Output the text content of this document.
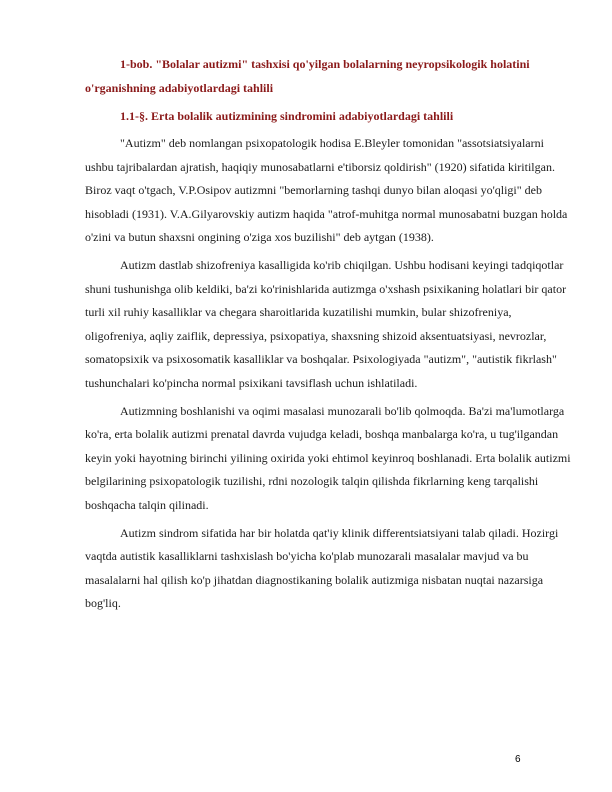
1-bob. "Bolalar autizmi" tashxisi qo'yilgan bolalarning neyropsikologik holatini o'rganishning adabiyotlardagi tahlili

1.1-§. Erta bolalik autizmining sindromini adabiyotlardagi tahlili

"Autizm" deb nomlangan psixopatologik hodisa E.Bleyler tomonidan "assotsiatsiyalarni ushbu tajribalardan ajratish, haqiqiy munosabatlarni e'tiborsiz qoldirish" (1920) sifatida kiritilgan. Biroz vaqt o'tgach, V.P.Osipov autizmni "bemorlarning tashqi dunyo bilan aloqasi yo'qligi" deb hisobladi (1931). V.A.Gilyarovskiy autizm haqida "atrof-muhitga normal munosabatni buzgan holda o'zini va butun shaxsni ongining o'ziga xos buzilishi" deb aytgan (1938).

Autizm dastlab shizofreniya kasalligida ko'rib chiqilgan. Ushbu hodisani keyingi tadqiqotlar shuni tushunishga olib keldiki, ba'zi ko'rinishlarida autizmga o'xshash psixikaning holatlari bir qator turli xil ruhiy kasalliklar va chegara sharoitlarida kuzatilishi mumkin, bular shizofreniya, oligofreniya, aqliy zaiflik, depressiya, psixopatiya, shaxsning shizoid aksentuatsiyasi, nevrozlar, somatopsixik va psixosomatik kasalliklar va boshqalar. Psixologiyada "autizm", "autistik fikrlash" tushunchalari ko'pincha normal psixikani tavsiflash uchun ishlatiladi.

Autizmning boshlanishi va oqimi masalasi munozarali bo'lib qolmoqda. Ba'zi ma'lumotlarga ko'ra, erta bolalik autizmi prenatal davrda vujudga keladi, boshqa manbalarga ko'ra, u tug'ilgandan keyin yoki hayotning birinchi yilining oxirida yoki ehtimol keyinroq boshlanadi. Erta bolalik autizmi belgilarining psixopatologik tuzilishi, rdni nozologik talqin qilishda fikrlarning keng tarqalishi boshqacha talqin qilinadi.

Autizm sindrom sifatida har bir holatda qat'iy klinik differentsiatsiyani talab qiladi. Hozirgi vaqtda autistik kasalliklarni tashxislash bo'yicha ko'plab munozarali masalalar mavjud va bu masalalarni hal qilish ko'p jihatdan diagnostikaning bolalik autizmiga nisbatan nuqtai nazarsiga bog'liq.

6
